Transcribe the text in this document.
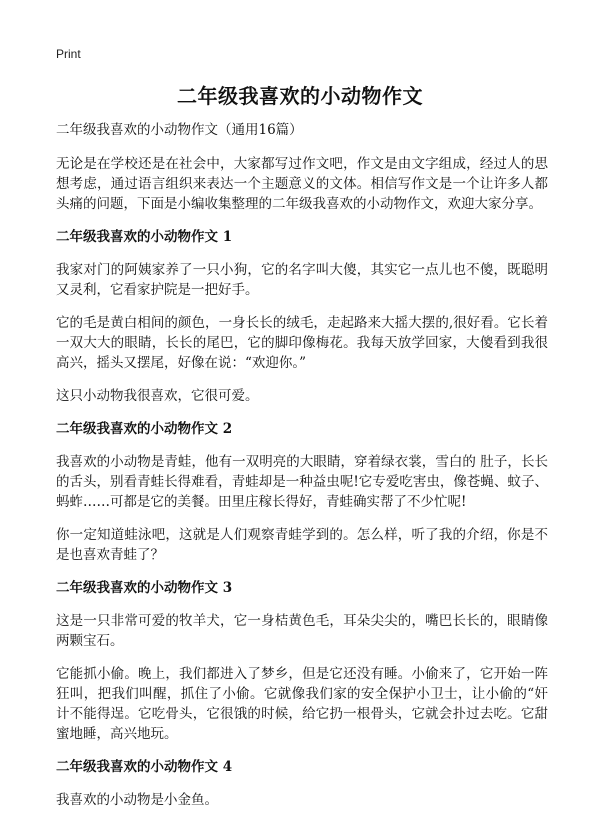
Print
二年级我喜欢的小动物作文
二年级我喜欢的小动物作文（通用16篇）

无论是在学校还是在社会中，大家都写过作文吧，作文是由文字组成，经过人的思想考虑，通过语言组织来表达一个主题意义的文体。相信写作文是一个让许多人都头痛的问题，下面是小编收集整理的二年级我喜欢的小动物作文，欢迎大家分享。

二年级我喜欢的小动物作文 1

我家对门的阿姨家养了一只小狗，它的名字叫大傻，其实它一点儿也不傻，既聪明又灵利，它看家护院是一把好手。

它的毛是黄白相间的颜色，一身长长的绒毛，走起路来大摇大摆的,很好看。它长着一双大大的眼睛，长长的尾巴，它的脚印像梅花。我每天放学回家，大傻看到我很高兴，摇头又摆尾，好像在说：“欢迎你。”

这只小动物我很喜欢，它很可爱。

二年级我喜欢的小动物作文 2

我喜欢的小动物是青蛙，他有一双明亮的大眼睛，穿着绿衣裳，雪白的 肚子，长长的舌头，别看青蛙长得难看，青蛙却是一种益虫呢!它专爱吃害虫，像苍蝇、蚊子、蚂蚱……可都是它的美餐。田里庄稼长得好，青蛙确实帮了不少忙呢!

你一定知道蛙泳吧，这就是人们观察青蛙学到的。怎么样，听了我的介绍，你是不是也喜欢青蛙了？

二年级我喜欢的小动物作文 3

这是一只非常可爱的牧羊犬，它一身桔黄色毛，耳朵尖尖的，嘴巴长长的，眼睛像两颗宝石。

它能抓小偷。晚上，我们都进入了梦乡，但是它还没有睡。小偷来了，它开始一阵狂叫，把我们叫醒，抓住了小偷。它就像我们家的安全保护小卫士，让小偷的“奸计不能得逞。它吃骨头，它很饿的时候，给它扔一根骨头，它就会扑过去吃。它甜蜜地睡，高兴地玩。

二年级我喜欢的小动物作文 4

我喜欢的小动物是小金鱼。
